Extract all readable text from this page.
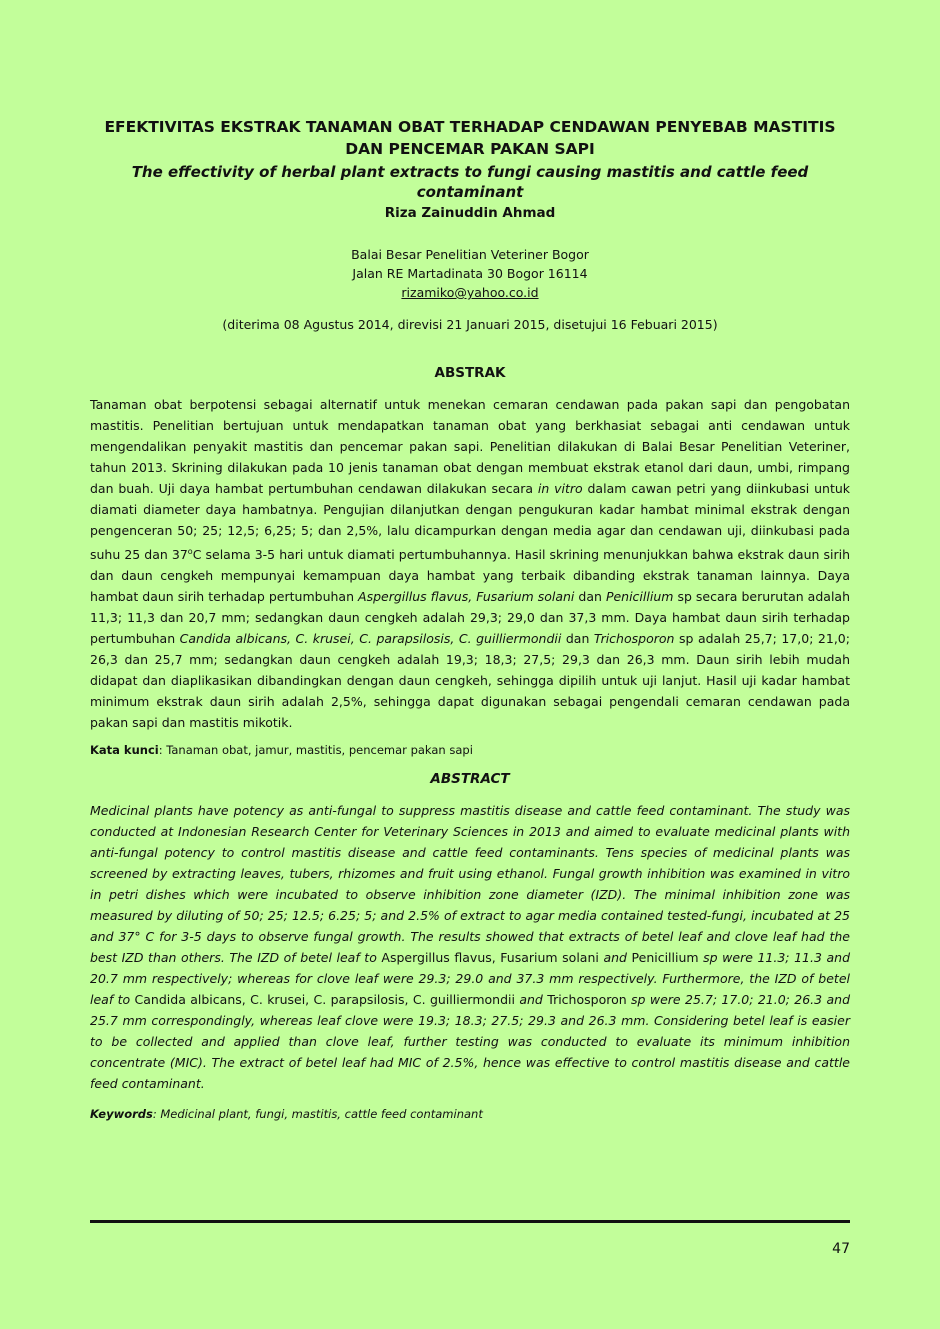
EFEKTIVITAS EKSTRAK TANAMAN OBAT TERHADAP CENDAWAN PENYEBAB MASTITIS
DAN PENCEMAR PAKAN SAPI
The effectivity of herbal plant extracts to fungi causing mastitis and cattle feed contaminant
Riza Zainuddin Ahmad
Balai Besar Penelitian Veteriner Bogor
Jalan RE Martadinata 30 Bogor 16114
rizamiko@yahoo.co.id
(diterima 08 Agustus 2014, direvisi 21 Januari 2015, disetujui 16 Febuari 2015)
ABSTRAK
Tanaman obat berpotensi sebagai alternatif untuk menekan cemaran cendawan pada pakan sapi dan pengobatan mastitis. Penelitian bertujuan untuk mendapatkan tanaman obat yang berkhasiat sebagai anti cendawan untuk mengendalikan penyakit mastitis dan pencemar pakan sapi. Penelitian dilakukan di Balai Besar Penelitian Veteriner, tahun 2013. Skrining dilakukan pada 10 jenis tanaman obat dengan membuat ekstrak etanol dari daun, umbi, rimpang dan buah. Uji daya hambat pertumbuhan cendawan dilakukan secara in vitro dalam cawan petri yang diinkubasi untuk diamati diameter daya hambatnya. Pengujian dilanjutkan dengan pengukuran kadar hambat minimal ekstrak dengan pengenceran 50; 25; 12,5; 6,25; 5; dan 2,5%, lalu dicampurkan dengan media agar dan cendawan uji, diinkubasi pada suhu 25 dan 37$^o$C selama 3-5 hari untuk diamati pertumbuhannya. Hasil skrining menunjukkan bahwa ekstrak daun sirih dan daun cengkeh mempunyai kemampuan daya hambat yang terbaik dibanding ekstrak tanaman lainnya. Daya hambat daun sirih terhadap pertumbuhan Aspergillus flavus, Fusarium solani dan Penicillium sp secara berurutan adalah 11,3; 11,3 dan 20,7 mm; sedangkan daun cengkeh adalah 29,3; 29,0 dan 37,3 mm. Daya hambat daun sirih terhadap pertumbuhan Candida albicans, C. krusei, C. parapsilosis, C. guilliermondii dan Trichosporon sp adalah 25,7; 17,0; 21,0; 26,3 dan 25,7 mm; sedangkan daun cengkeh adalah 19,3; 18,3; 27,5; 29,3 dan 26,3 mm. Daun sirih lebih mudah didapat dan diaplikasikan dibandingkan dengan daun cengkeh, sehingga dipilih untuk uji lanjut. Hasil uji kadar hambat minimum ekstrak daun sirih adalah 2,5%, sehingga dapat digunakan sebagai pengendali cemaran cendawan pada pakan sapi dan mastitis mikotik.
Kata kunci: Tanaman obat, jamur, mastitis, pencemar pakan sapi
ABSTRACT
Medicinal plants have potency as anti-fungal to suppress mastitis disease and cattle feed contaminant. The study was conducted at Indonesian Research Center for Veterinary Sciences in 2013 and aimed to evaluate medicinal plants with anti-fungal potency to control mastitis disease and cattle feed contaminants. Tens species of medicinal plants was screened by extracting leaves, tubers, rhizomes and fruit using ethanol. Fungal growth inhibition was examined in vitro in petri dishes which were incubated to observe inhibition zone diameter (IZD). The minimal inhibition zone was measured by diluting of 50; 25; 12.5; 6.25; 5; and 2.5% of extract to agar media contained tested-fungi, incubated at 25 and 37° C for 3-5 days to observe fungal growth. The results showed that extracts of betel leaf and clove leaf had the best IZD than others. The IZD of betel leaf to Aspergillus flavus, Fusarium solani and Penicillium sp were 11.3; 11.3 and 20.7 mm respectively; whereas for clove leaf were 29.3; 29.0 and 37.3 mm respectively. Furthermore, the IZD of betel leaf to Candida albicans, C. krusei, C. parapsilosis, C. guilliermondii and Trichosporon sp were 25.7; 17.0; 21.0; 26.3 and 25.7 mm correspondingly, whereas leaf clove were 19.3; 18.3; 27.5; 29.3 and 26.3 mm. Considering betel leaf is easier to be collected and applied than clove leaf, further testing was conducted to evaluate its minimum inhibition concentrate (MIC). The extract of betel leaf had MIC of 2.5%, hence was effective to control mastitis disease and cattle feed contaminant.
Keywords: Medicinal plant, fungi, mastitis, cattle feed contaminant
47
